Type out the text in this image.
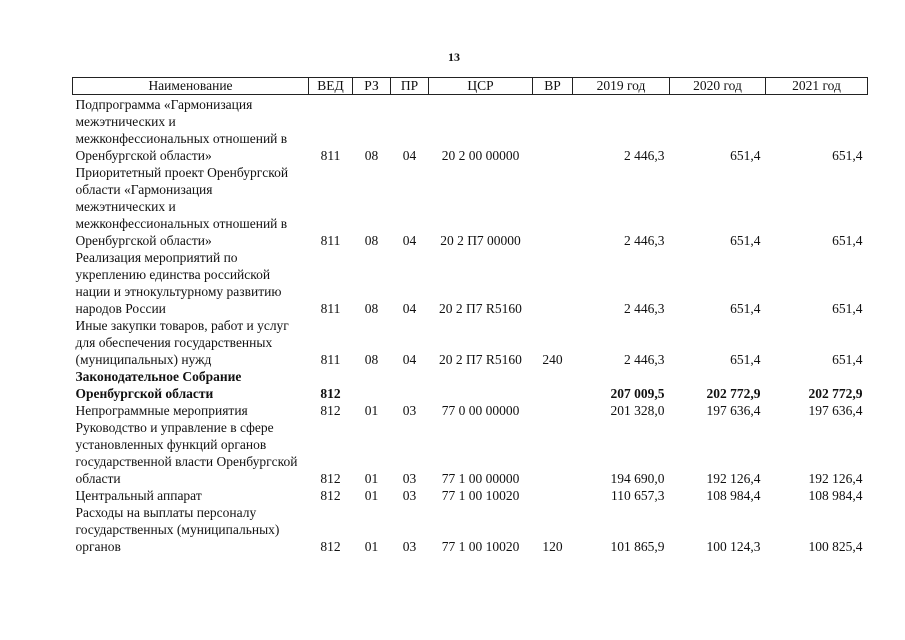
13
Наименование	ВЕД	РЗ	ПР	ЦСР	ВР	2019 год	2020 год	2021 год
Подпрограмма «Гармонизация межэтнических и межконфессиональных отношений в Оренбургской области»	811	08	04	20 2 00 00000		2 446,3	651,4	651,4
Приоритетный проект Оренбургской области «Гармонизация межэтнических и межконфессиональных отношений в Оренбургской области»	811	08	04	20 2 П7 00000		2 446,3	651,4	651,4
Реализация мероприятий по укреплению единства российской нации и этнокультурному развитию народов России	811	08	04	20 2 П7 R5160		2 446,3	651,4	651,4
Иные закупки товаров, работ и услуг для обеспечения государственных (муниципальных) нужд	811	08	04	20 2 П7 R5160	240	2 446,3	651,4	651,4
Законодательное Собрание Оренбургской области	812					207 009,5	202 772,9	202 772,9
Непрограммные мероприятия	812	01	03	77 0 00 00000		201 328,0	197 636,4	197 636,4
Руководство и управление в сфере установленных функций органов государственной власти Оренбургской области	812	01	03	77 1 00 00000		194 690,0	192 126,4	192 126,4
Центральный аппарат	812	01	03	77 1 00 10020		110 657,3	108 984,4	108 984,4
Расходы на выплаты персоналу государственных (муниципальных) органов	812	01	03	77 1 00 10020	120	101 865,9	100 124,3	100 825,4
